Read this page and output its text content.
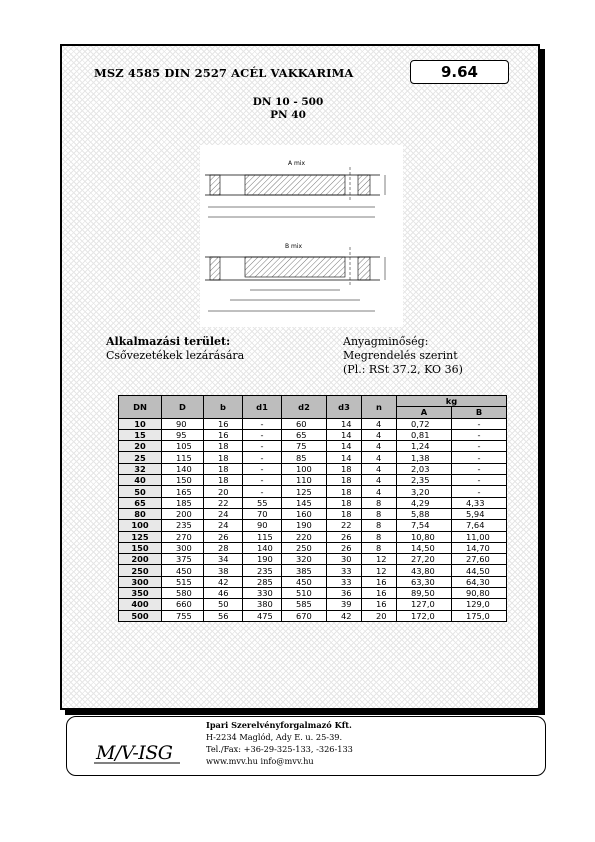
MSZ 4585 DIN 2527 ACÉL VAKKARIMA	9.64
DN 10 - 500
PN 40
A mix
B mix
Alkalmazási terület:
Csővezetékek lezárására
Anyagminőség:
Megrendelés szerint
(Pl.: RSt 37.2, KO 36)
DN	D	b	d1	d2	d3	n	kg	
							A	B
10	90	16	-	60	14	4	0,72	-
15	95	16	-	65	14	4	0,81	-
20	105	18	-	75	14	4	1,24	-
25	115	18	-	85	14	4	1,38	-
32	140	18	-	100	18	4	2,03	-
40	150	18	-	110	18	4	2,35	-
50	165	20	-	125	18	4	3,20	-
65	185	22	55	145	18	8	4,29	4,33
80	200	24	70	160	18	8	5,88	5,94
100	235	24	90	190	22	8	7,54	7,64
125	270	26	115	220	26	8	10,80	11,00
150	300	28	140	250	26	8	14,50	14,70
200	375	34	190	320	30	12	27,20	27,60
250	450	38	235	385	33	12	43,80	44,50
300	515	42	285	450	33	16	63,30	64,30
350	580	46	330	510	36	16	89,50	90,80
400	660	50	380	585	39	16	127,0	129,0
500	755	56	475	670	42	20	172,0	175,0
M/V-ISG
Ipari Szerelvényforgalmazó Kft.
H-2234 Maglód, Ady E. u. 25-39.
Tel./Fax: +36-29-325-133, -326-133
www.mvv.hu info@mvv.hu
